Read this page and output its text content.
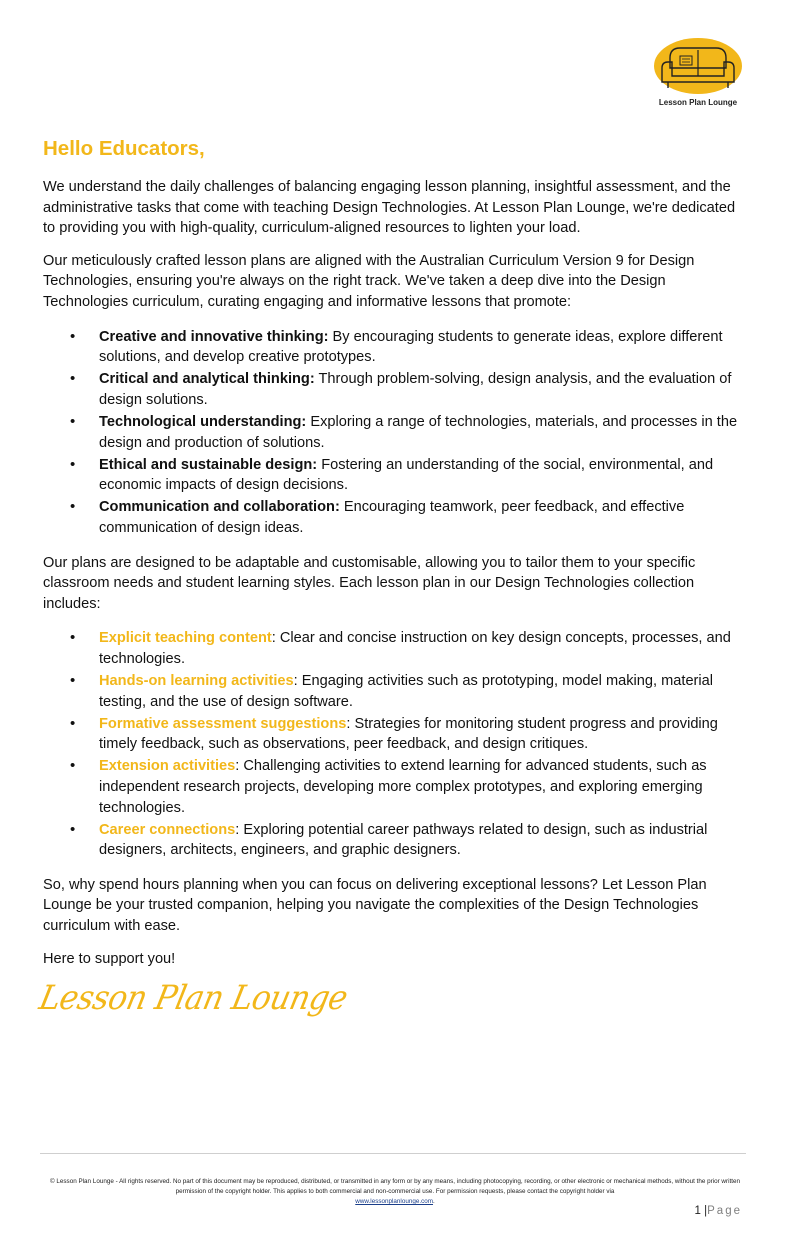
Lesson Plan Lounge
Hello Educators,

We understand the daily challenges of balancing engaging lesson planning, insightful assessment, and the administrative tasks that come with teaching Design Technologies. At Lesson Plan Lounge, we're dedicated to providing you with high-quality, curriculum-aligned resources to lighten your load.

Our meticulously crafted lesson plans are aligned with the Australian Curriculum Version 9 for Design Technologies, ensuring you're always on the right track. We've taken a deep dive into the Design Technologies curriculum, curating engaging and informative lessons that promote:

• Creative and innovative thinking: By encouraging students to generate ideas, explore different solutions, and develop creative prototypes.
• Critical and analytical thinking: Through problem-solving, design analysis, and the evaluation of design solutions.
• Technological understanding: Exploring a range of technologies, materials, and processes in the design and production of solutions.
• Ethical and sustainable design: Fostering an understanding of the social, environmental, and economic impacts of design decisions.
• Communication and collaboration: Encouraging teamwork, peer feedback, and effective communication of design ideas.

Our plans are designed to be adaptable and customisable, allowing you to tailor them to your specific classroom needs and student learning styles. Each lesson plan in our Design Technologies collection includes:

• Explicit teaching content: Clear and concise instruction on key design concepts, processes, and technologies.
• Hands-on learning activities: Engaging activities such as prototyping, model making, material testing, and the use of design software.
• Formative assessment suggestions: Strategies for monitoring student progress and providing timely feedback, such as observations, peer feedback, and design critiques.
• Extension activities: Challenging activities to extend learning for advanced students, such as independent research projects, developing more complex prototypes, and exploring emerging technologies.
• Career connections: Exploring potential career pathways related to design, such as industrial designers, architects, engineers, and graphic designers.

So, why spend hours planning when you can focus on delivering exceptional lessons? Let Lesson Plan Lounge be your trusted companion, helping you navigate the complexities of the Design Technologies curriculum with ease.

Here to support you!

Lesson Plan Lounge
© Lesson Plan Lounge - All rights reserved. No part of this document may be reproduced, distributed, or transmitted in any form or by any means, including photocopying, recording, or other electronic or mechanical methods, without the prior written permission of the copyright holder. This applies to both commercial and non-commercial use. For permission requests, please contact the copyright holder via
www.lessonplanlounge.com.
1 |Page
